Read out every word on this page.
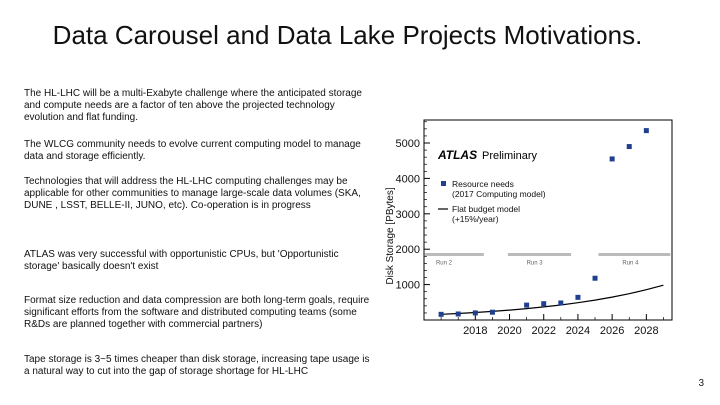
Data Carousel and Data Lake Projects Motivations.
The HL-LHC will be a multi-Exabyte challenge where the anticipated storage and compute needs are a factor of ten above the projected technology evolution and flat funding.
The WLCG community needs to evolve current computing model to manage data and storage efficiently.
Technologies that will address the HL-LHC computing challenges may be applicable for other communities to manage large-scale data volumes (SKA, DUNE , LSST, BELLE-II, JUNO, etc). Co-operation is in progress
ATLAS was very successful with opportunistic CPUs, but 'Opportunistic storage' basically doesn't exist
Format size reduction and data compression are both long-term goals, require significant efforts from the software and distributed computing teams (some R&Ds are planned together with commercial partners)
Tape storage is 3~5 times cheaper than disk storage, increasing tape usage is a natural way to cut into the gap of storage shortage for HL-LHC
Disk Storage [PBytes]
ATLAS Preliminary
1000
2000
3000
4000
5000
2018 2020 2022 2024 2026 2028
Run 2	Run 3	Run 4
Resource needs
(2017 Computing model)
Flat budget model
(+15%/year)
3
